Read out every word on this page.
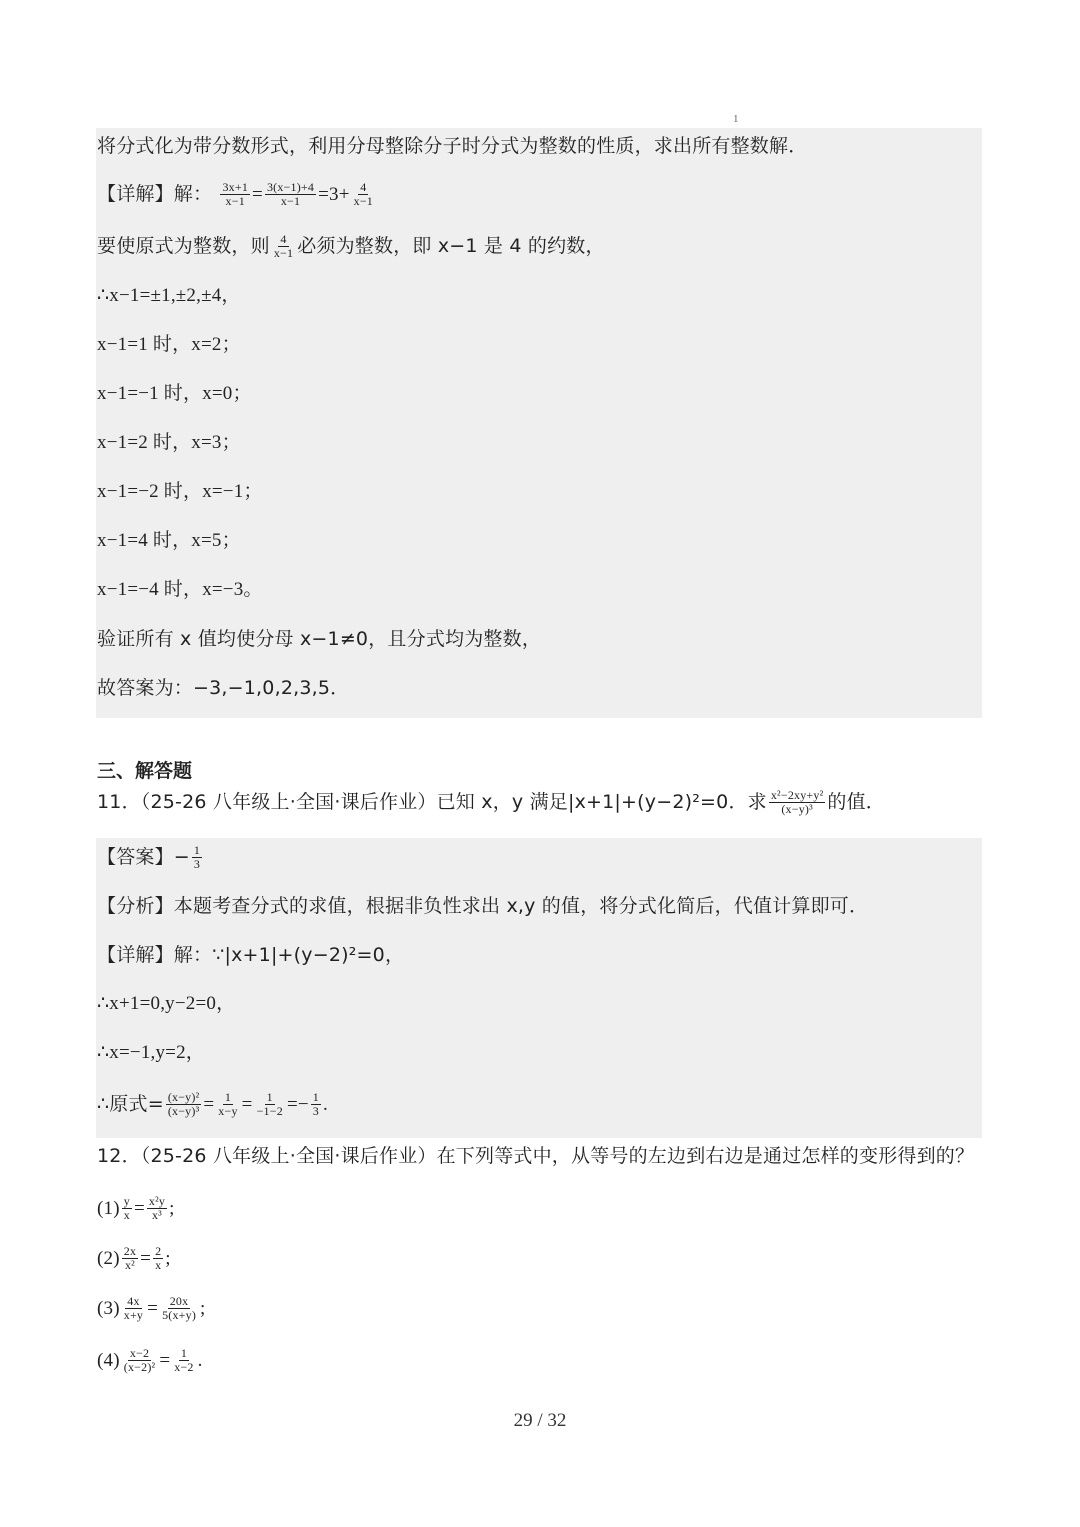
1
将分式化为带分数形式，利用分母整除分子时分式为整数的性质，求出所有整数解．
【详解】解： $\frac{3x+1}{x-1} = \frac{3(x-1)+4}{x-1} =3+ \frac{4}{x-1}$
要使原式为整数，则 $\frac{4}{x-1}$ 必须为整数，即 x−1 是 4 的约数，
∴x−1=±1,±2,±4，
x−1=1 时，x=2；
x−1=−1 时，x=0；
x−1=2 时，x=3；
x−1=−2 时，x=−1；
x−1=4 时，x=5；
x−1=−4 时，x=−3。
验证所有 x 值均使分母 x−1≠0，且分式均为整数，
故答案为：−3,−1,0,2,3,5．
三、解答题
11．（25-26 八年级上·全国·课后作业）已知 x，y 满足|x+1|+(y−2)²=0．求 $\frac{\text{x²−2xy+y²}}{\text{(x−y)³}}$ 的值．
【答案】− $\frac{1}{3}$
【分析】本题考查分式的求值，根据非负性求出 x,y 的值，将分式化简后，代值计算即可．
【详解】解：∵|x+1|+(y−2)²=0，
∴x+1=0,y−2=0，
∴x=−1,y=2，
∴原式= $\frac{\text{(x−y)²}}{\text{(x−y)³}} = \frac{1}{x-y} = \frac{1}{-1-2} =- \frac{1}{3}$ .
12．（25-26 八年级上·全国·课后作业）在下列等式中，从等号的左边到右边是通过怎样的变形得到的？
$(1) \frac{y}{x} = \frac{\text{x²y}}{\text{x³}}$ ;
$(2) \frac{2x}{\text{x²}} = \frac{2}{x}$ ;
$(3) \frac{4x}{x+y} = \frac{20x}{5(x+y)}$ ;
$(4) \frac{x-2}{\text{(x−2)²}} = \frac{1}{x-2}$ .
29 / 32
